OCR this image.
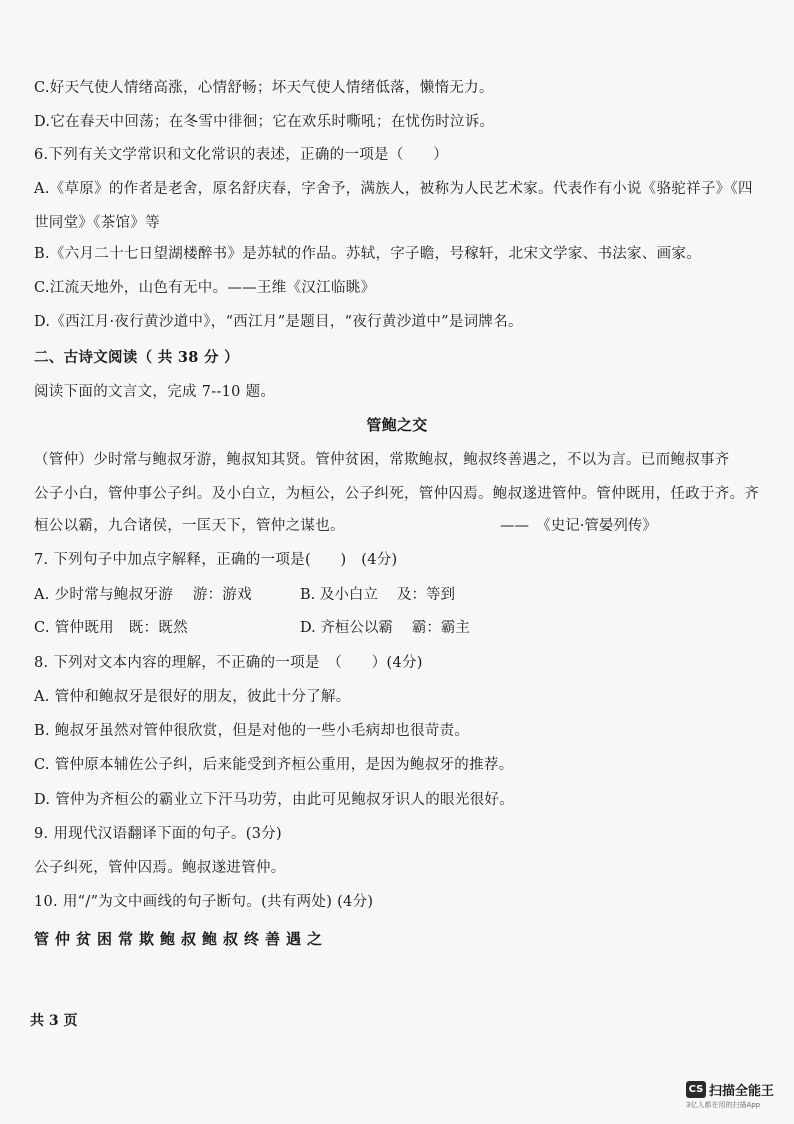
C.好天气使人情绪高涨，心情舒畅；坏天气使人情绪低落，懒惰无力。
D.它在春天中回荡；在冬雪中徘徊；它在欢乐时嘶吼；在忧伤时泣诉。
6.下列有关文学常识和文化常识的表述，正确的一项是（　　）
A.《草原》的作者是老舍，原名舒庆春，字舍予，满族人，被称为人民艺术家。代表作有小说《骆驼祥子》《四
世同堂》《茶馆》等
B.《六月二十七日望湖楼醉书》是苏轼的作品。苏轼，字子瞻，号稼轩，北宋文学家、书法家、画家。
C.江流天地外，山色有无中。——王维《汉江临眺》
D.《西江月·夜行黄沙道中》，“西江月”是题目，“夜行黄沙道中”是词牌名。
二、古诗文阅读（ 共 38 分 ）
阅读下面的文言文，完成 7--10 题。
管鲍之交
（管仲）少时常与鲍叔牙游，鲍叔知其贤。管仲贫困，常欺鲍叔，鲍叔终善遇之，不以为言。已而鲍叔事齐
公子小白，管仲事公子纠。及小白立，为桓公，公子纠死，管仲囚焉。鲍叔遂进管仲。管仲既用，任政于齐。齐
桓公以霸，九合诸侯，一匡天下，管仲之谋也。	——　《史记·管晏列传》
7. 下列句子中加点字解释，正确的一项是(　　)　(4分)
A. 少时常与鲍叔牙游　 游：游戏	B. 及小白立　 及：等到
C. 管仲既用　既：既然	D. 齐桓公以霸　 霸：霸主
8. 下列对文本内容的理解，不正确的一项是　（　　）(4分)
A. 管仲和鲍叔牙是很好的朋友，彼此十分了解。
B. 鲍叔牙虽然对管仲很欣赏，但是对他的一些小毛病却也很苛责。
C. 管仲原本辅佐公子纠，后来能受到齐桓公重用，是因为鲍叔牙的推荐。
D. 管仲为齐桓公的霸业立下汗马功劳，由此可见鲍叔牙识人的眼光很好。
9. 用现代汉语翻译下面的句子。(3分)
公子纠死，管仲囚焉。鲍叔遂进管仲。
10. 用“/”为文中画线的句子断句。(共有两处) (4分)
管仲贫困常欺鲍叔鲍叔终善遇之
共 3 页
CS 扫描全能王
3亿人都在用的扫描App
